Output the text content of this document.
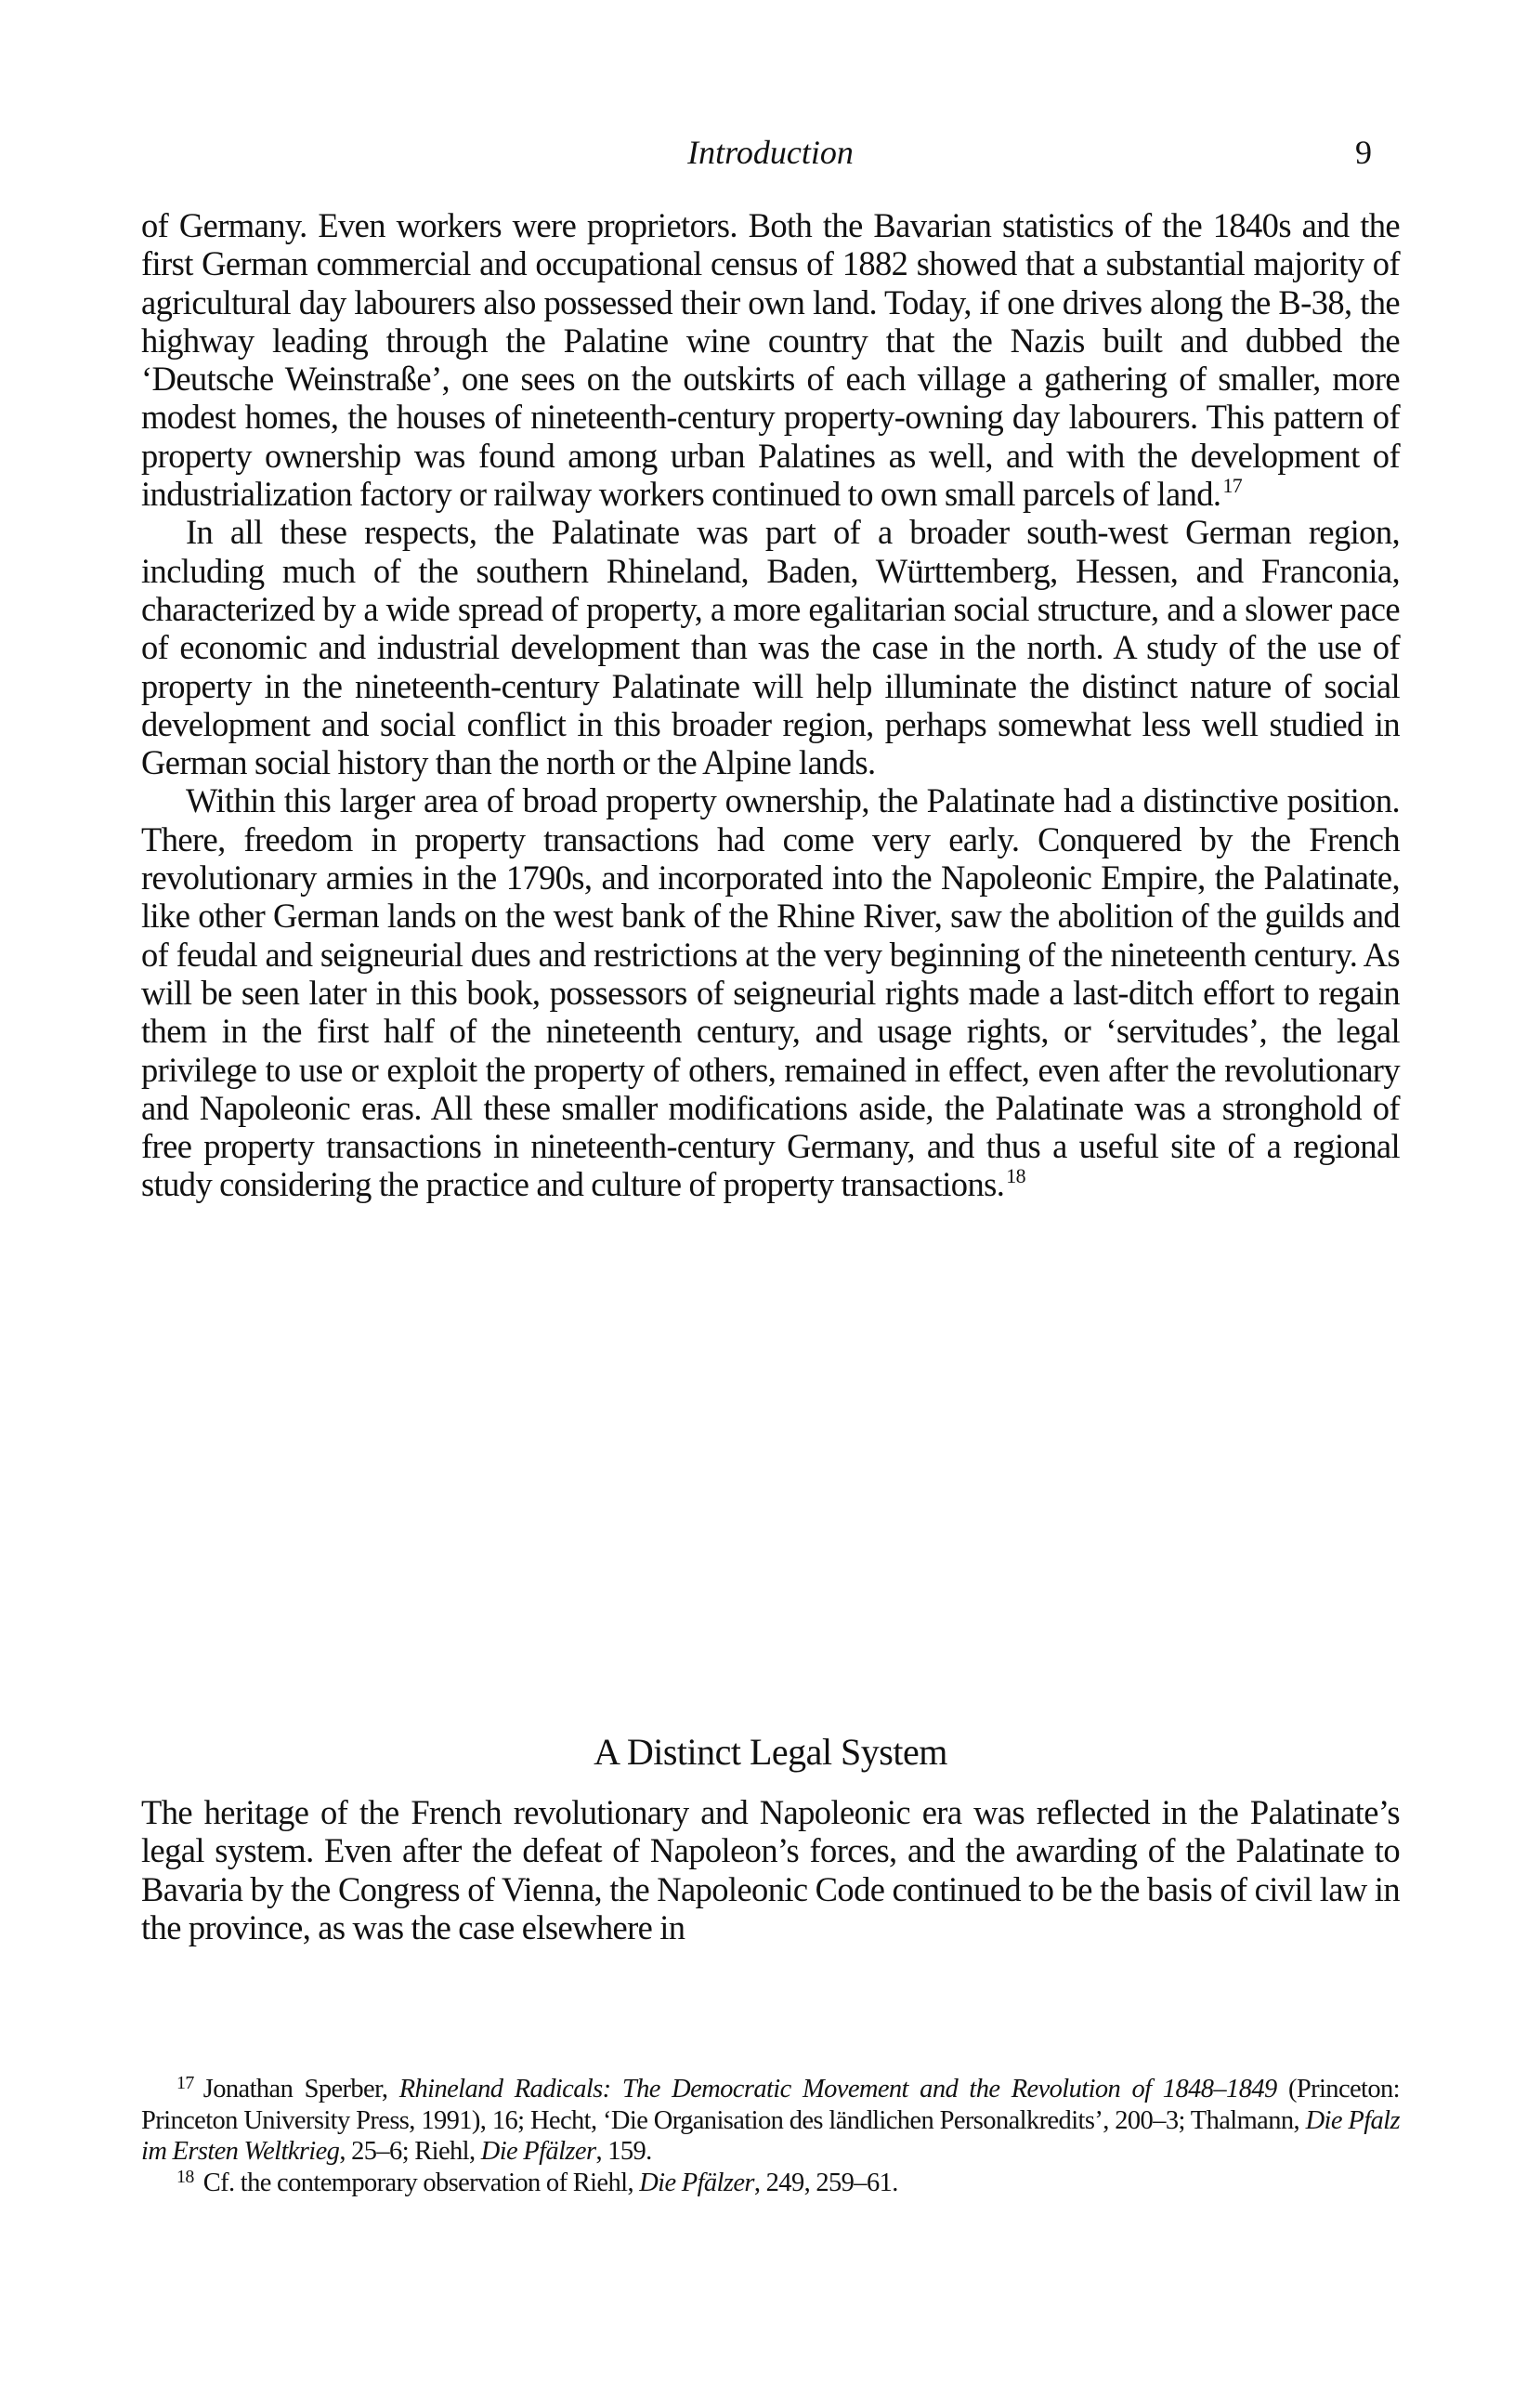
Introduction	9

of Germany. Even workers were proprietors. Both the Bavarian statistics of the 1840s and the first German commercial and occupational census of 1882 showed that a substantial majority of agricultural day labourers also possessed their own land. Today, if one drives along the B-38, the highway leading through the Palatine wine country that the Nazis built and dubbed the ‘Deutsche Weinstraße’, one sees on the outskirts of each village a gathering of smaller, more modest homes, the houses of nineteenth-century property-owning day labourers. This pattern of property ownership was found among urban Palatines as well, and with the development of industrialization factory or railway workers continued to own small parcels of land.$^{17}$

In all these respects, the Palatinate was part of a broader south-west German region, including much of the southern Rhineland, Baden, Württemberg, Hessen, and Franconia, characterized by a wide spread of property, a more egalitarian social structure, and a slower pace of economic and industrial development than was the case in the north. A study of the use of property in the nineteenth-century Palatinate will help illuminate the distinct nature of social development and social conflict in this broader region, perhaps somewhat less well studied in German social history than the north or the Alpine lands.

Within this larger area of broad property ownership, the Palatinate had a distinctive position. There, freedom in property transactions had come very early. Conquered by the French revolutionary armies in the 1790s, and incorporated into the Napoleonic Empire, the Palatinate, like other German lands on the west bank of the Rhine River, saw the abolition of the guilds and of feudal and seigneurial dues and restrictions at the very beginning of the nineteenth century. As will be seen later in this book, possessors of seigneurial rights made a last-ditch effort to regain them in the first half of the nineteenth century, and usage rights, or ‘servitudes’, the legal privilege to use or exploit the property of others, remained in effect, even after the revolutionary and Napoleonic eras. All these smaller modifications aside, the Palatinate was a stronghold of free property transactions in nineteenth-century Germany, and thus a useful site of a regional study considering the practice and culture of property transactions.$^{18}$

A Distinct Legal System

The heritage of the French revolutionary and Napoleonic era was reflected in the Palatinate’s legal system. Even after the defeat of Napoleon’s forces, and the awarding of the Palatinate to Bavaria by the Congress of Vienna, the Napoleonic Code continued to be the basis of civil law in the province, as was the case elsewhere in

$^{17}$ Jonathan Sperber, Rhineland Radicals: The Democratic Movement and the Revolution of 1848–1849 (Princeton: Princeton University Press, 1991), 16; Hecht, ‘Die Organisation des ländlichen Personalkredits’, 200–3; Thalmann, Die Pfalz im Ersten Weltkrieg, 25–6; Riehl, Die Pfälzer, 159.

$^{18}$ Cf. the contemporary observation of Riehl, Die Pfälzer, 249, 259–61.
